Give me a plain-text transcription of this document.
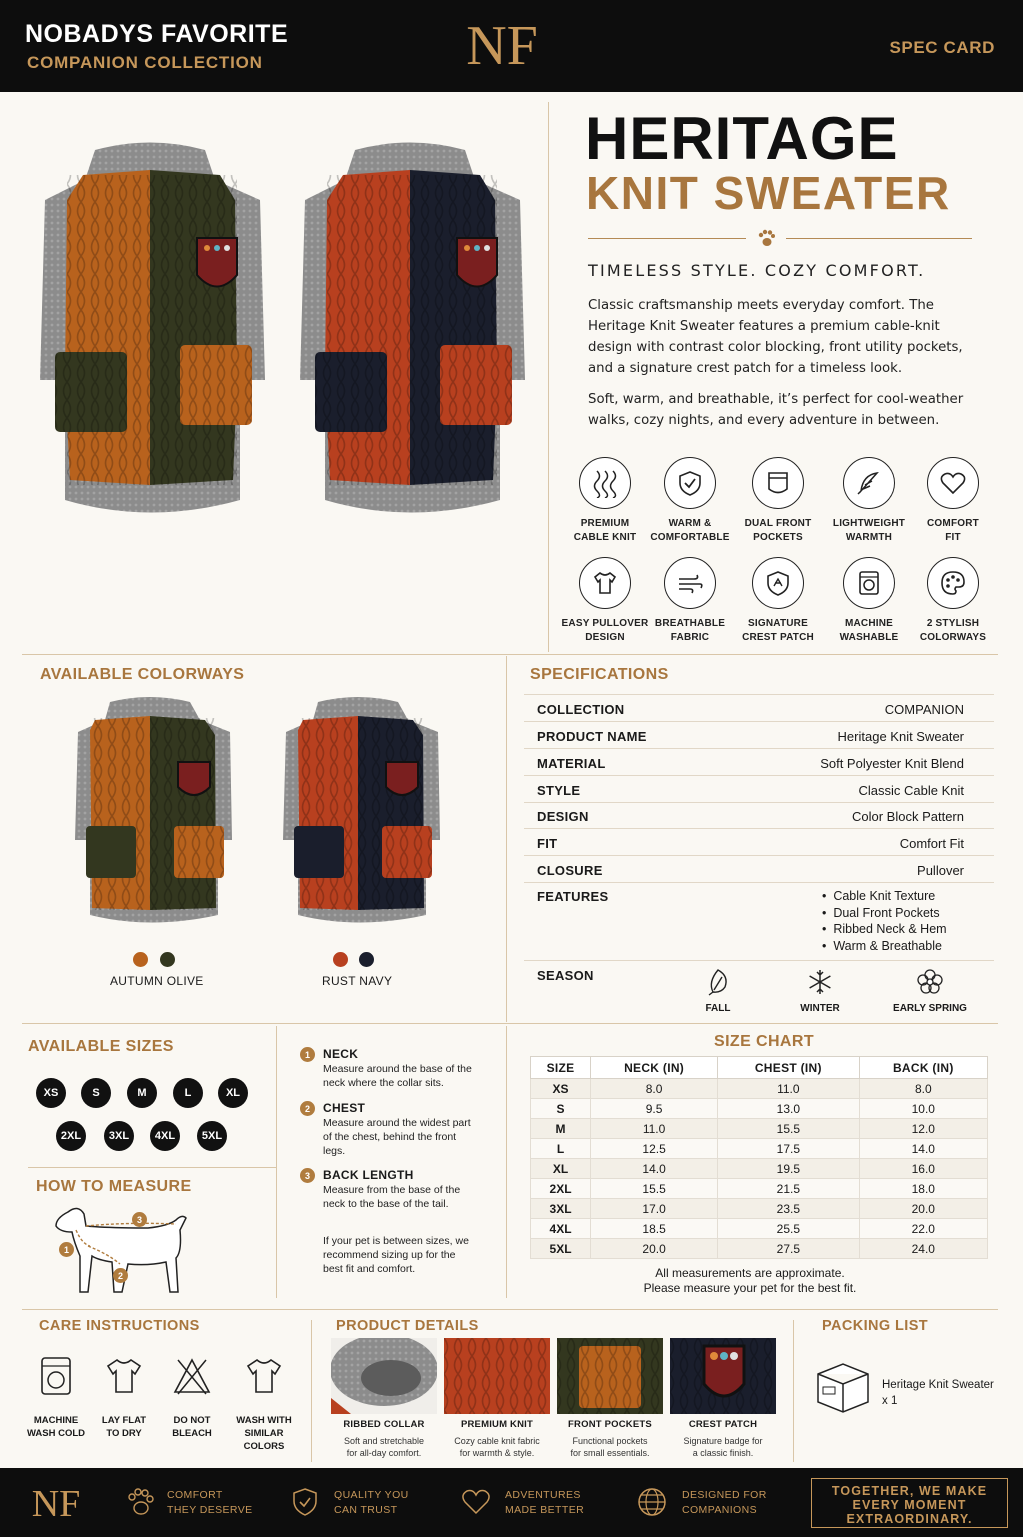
NOBADYS FAVORITE
COMPANION COLLECTION	NF	SPEC CARD
HERITAGE
KNIT SWEATER
TIMELESS STYLE. COZY COMFORT.
Classic craftsmanship meets everyday comfort. The Heritage Knit Sweater features a premium cable-knit design with contrast color blocking, front utility pockets, and a signature crest patch for a timeless look.
Soft, warm, and breathable, it’s perfect for cool-weather walks, cozy nights, and every adventure in between.
PREMIUM
CABLE KNIT
WARM &
COMFORTABLE
DUAL FRONT
POCKETS
LIGHTWEIGHT
WARMTH
COMFORT
FIT
EASY PULLOVER
DESIGN
BREATHABLE
FABRIC
SIGNATURE
CREST PATCH
MACHINE
WASHABLE
2 STYLISH
COLORWAYS
AVAILABLE COLORWAYS
AUTUMN OLIVE	RUST NAVY
SPECIFICATIONS
COLLECTION	COMPANION
PRODUCT NAME	Heritage Knit Sweater
MATERIAL	Soft Polyester Knit Blend
STYLE	Classic Cable Knit
DESIGN	Color Block Pattern
FIT	Comfort Fit
CLOSURE	Pullover
FEATURES	•  Cable Knit Texture
•  Dual Front Pockets
•  Ribbed Neck & Hem
•  Warm & Breathable
SEASON
FALL	WINTER	EARLY SPRING
AVAILABLE SIZES
XS	S	M	L	XL
2XL	3XL	4XL	5XL
HOW TO MEASURE
1
2
3
1	NECK
Measure around the base of the neck where the collar sits.
2	CHEST
Measure around the widest part of the chest, behind the front legs.
3	BACK LENGTH
Measure from the base of the neck to the base of the tail.
If your pet is between sizes, we recommend sizing up for the best fit and comfort.
SIZE CHART
SIZE	NECK (IN)	CHEST (IN)	BACK (IN)
XS	8.0	11.0	8.0
S	9.5	13.0	10.0
M	11.0	15.5	12.0
L	12.5	17.5	14.0
XL	14.0	19.5	16.0
2XL	15.5	21.5	18.0
3XL	17.0	23.5	20.0
4XL	18.5	25.5	22.0
5XL	20.0	27.5	24.0
All measurements are approximate.
Please measure your pet for the best fit.
CARE INSTRUCTIONS
MACHINE
WASH COLD
LAY FLAT
TO DRY
DO NOT
BLEACH
WASH WITH
SIMILAR COLORS
PRODUCT DETAILS
RIBBED COLLAR
Soft and stretchable
for all-day comfort.
PREMIUM KNIT
Cozy cable knit fabric
for warmth & style.
FRONT POCKETS
Functional pockets
for small essentials.
CREST PATCH
Signature badge for
a classic finish.
PACKING LIST
Heritage Knit Sweater
x 1
NF	COMFORT
THEY DESERVE
QUALITY YOU
CAN TRUST
ADVENTURES
MADE BETTER
DESIGNED FOR
COMPANIONS
TOGETHER, WE MAKE
EVERY MOMENT
EXTRAORDINARY.
